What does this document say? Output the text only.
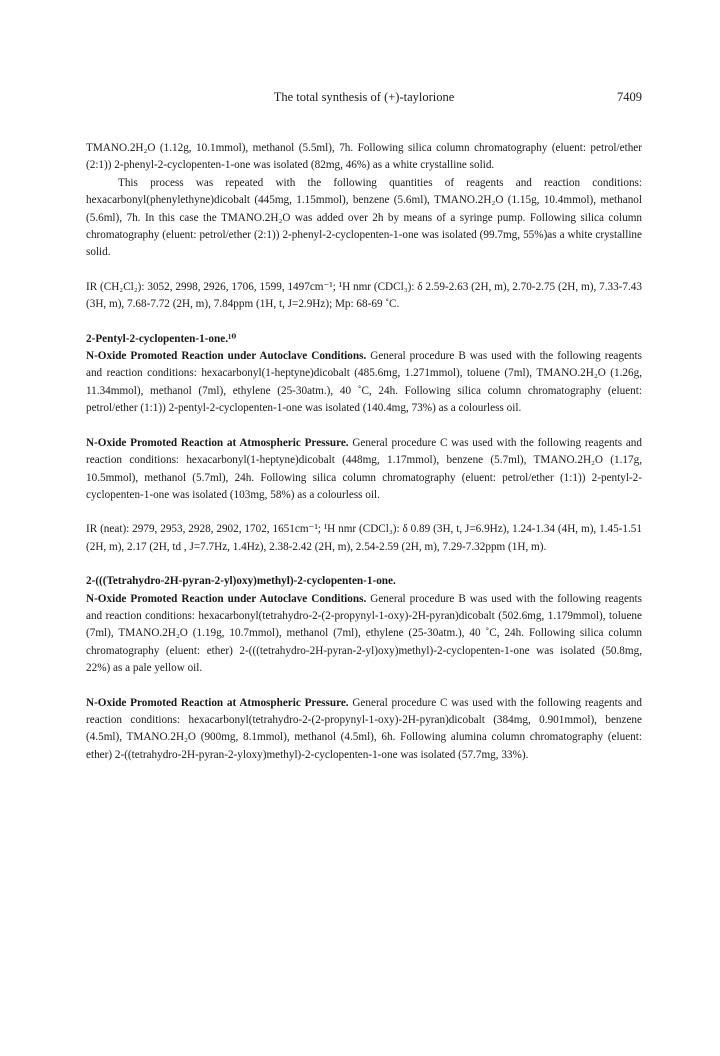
The total synthesis of (+)-taylorione	7409

TMANO.2H₂O (1.12g, 10.1mmol), methanol (5.5ml), 7h. Following silica column chromatography (eluent: petrol/ether (2:1)) 2-phenyl-2-cyclopenten-1-one was isolated (82mg, 46%) as a white crystalline solid.

This process was repeated with the following quantities of reagents and reaction conditions: hexacarbonyl(phenylethyne)dicobalt (445mg, 1.15mmol), benzene (5.6ml), TMANO.2H₂O (1.15g, 10.4mmol), methanol (5.6ml), 7h. In this case the TMANO.2H₂O was added over 2h by means of a syringe pump. Following silica column chromatography (eluent: petrol/ether (2:1)) 2-phenyl-2-cyclopenten-1-one was isolated (99.7mg, 55%)as a white crystalline solid.

IR (CH₂Cl₂): 3052, 2998, 2926, 1706, 1599, 1497cm⁻¹; ¹H nmr (CDCl₃): δ 2.59-2.63 (2H, m), 2.70-2.75 (2H, m), 7.33-7.43 (3H, m), 7.68-7.72 (2H, m), 7.84ppm (1H, t, J=2.9Hz); Mp: 68-69 ˚C.

2-Pentyl-2-cyclopenten-1-one.¹⁰

N-Oxide Promoted Reaction under Autoclave Conditions. General procedure B was used with the following reagents and reaction conditions: hexacarbonyl(1-heptyne)dicobalt (485.6mg, 1.271mmol), toluene (7ml), TMANO.2H₂O (1.26g, 11.34mmol), methanol (7ml), ethylene (25-30atm.), 40 ˚C, 24h. Following silica column chromatography (eluent: petrol/ether (1:1)) 2-pentyl-2-cyclopenten-1-one was isolated (140.4mg, 73%) as a colourless oil.

N-Oxide Promoted Reaction at Atmospheric Pressure. General procedure C was used with the following reagents and reaction conditions: hexacarbonyl(1-heptyne)dicobalt (448mg, 1.17mmol), benzene (5.7ml), TMANO.2H₂O (1.17g, 10.5mmol), methanol (5.7ml), 24h. Following silica column chromatography (eluent: petrol/ether (1:1)) 2-pentyl-2-cyclopenten-1-one was isolated (103mg, 58%) as a colourless oil.

IR (neat): 2979, 2953, 2928, 2902, 1702, 1651cm⁻¹; ¹H nmr (CDCl₃): δ 0.89 (3H, t, J=6.9Hz), 1.24-1.34 (4H, m), 1.45-1.51 (2H, m), 2.17 (2H, td , J=7.7Hz, 1.4Hz), 2.38-2.42 (2H, m), 2.54-2.59 (2H, m), 7.29-7.32ppm (1H, m).

2-(((Tetrahydro-2H-pyran-2-yl)oxy)methyl)-2-cyclopenten-1-one.

N-Oxide Promoted Reaction under Autoclave Conditions. General procedure B was used with the following reagents and reaction conditions: hexacarbonyl(tetrahydro-2-(2-propynyl-1-oxy)-2H-pyran)dicobalt (502.6mg, 1.179mmol), toluene (7ml), TMANO.2H₂O (1.19g, 10.7mmol), methanol (7ml), ethylene (25-30atm.), 40 ˚C, 24h. Following silica column chromatography (eluent: ether) 2-(((tetrahydro-2H-pyran-2-yl)oxy)methyl)-2-cyclopenten-1-one was isolated (50.8mg, 22%) as a pale yellow oil.

N-Oxide Promoted Reaction at Atmospheric Pressure. General procedure C was used with the following reagents and reaction conditions: hexacarbonyl(tetrahydro-2-(2-propynyl-1-oxy)-2H-pyran)dicobalt (384mg, 0.901mmol), benzene (4.5ml), TMANO.2H₂O (900mg, 8.1mmol), methanol (4.5ml), 6h. Following alumina column chromatography (eluent: ether) 2-((tetrahydro-2H-pyran-2-yloxy)methyl)-2-cyclopenten-1-one was isolated (57.7mg, 33%).
